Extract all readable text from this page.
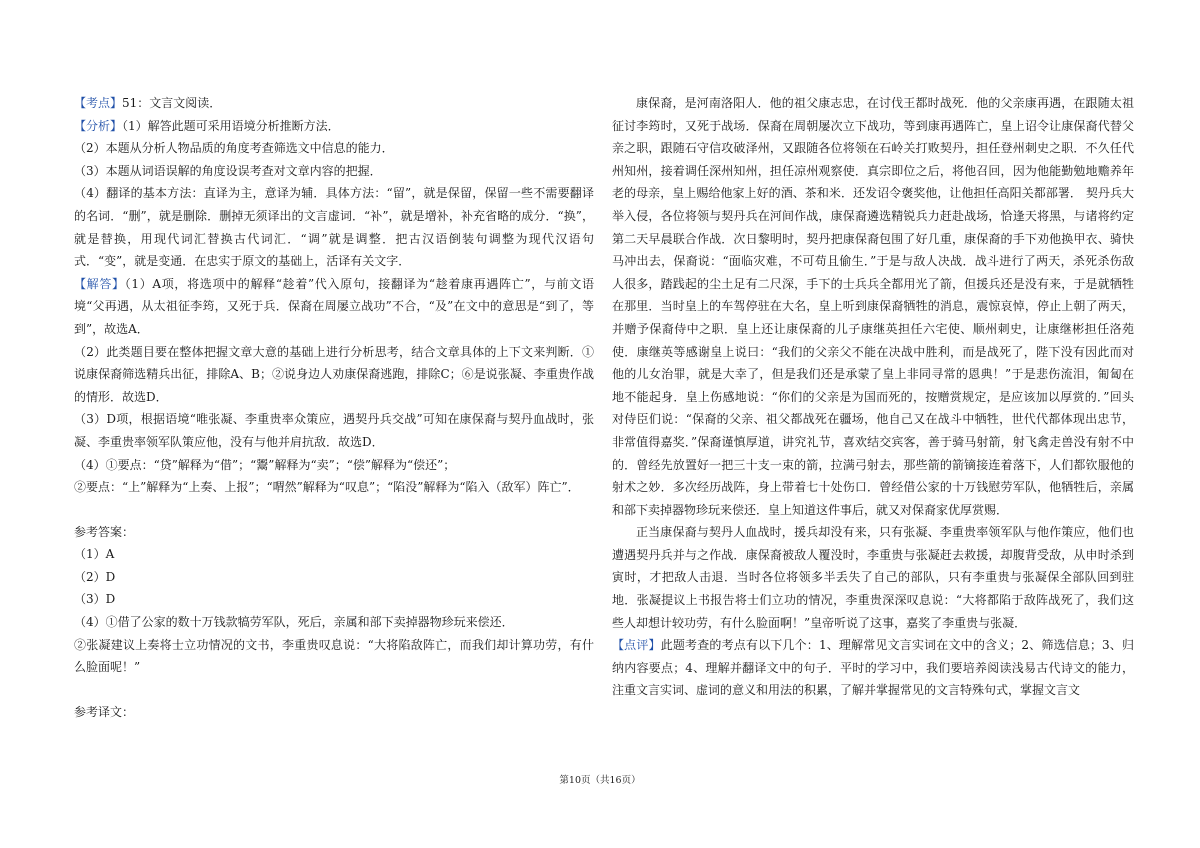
【考点】51：文言文阅读．

【分析】（1）解答此题可采用语境分析推断方法．

（2）本题从分析人物品质的角度考查筛选文中信息的能力．

（3）本题从词语误解的角度设误考查对文章内容的把握．

（4）翻译的基本方法：直译为主，意译为辅．具体方法：“留”，就是保留，保留一些不需要翻译的名词．“删”，就是删除．删掉无须译出的文言虚词．“补”，就是增补，补充省略的成分．“换”，就是替换，用现代词汇替换古代词汇．“调”就是调整．把古汉语倒装句调整为现代汉语句式．“变”，就是变通．在忠实于原文的基础上，活译有关文字．

【解答】（1）A项，将选项中的解释“趁着”代入原句，接翻译为“趁着康再遇阵亡”，与前文语境“父再遇，从太祖征李筠，又死于兵．保裔在周屡立战功”不合，“及”在文中的意思是“到了，等到”，故选A．

（2）此类题目要在整体把握文章大意的基础上进行分析思考，结合文章具体的上下文来判断．①说康保裔筛选精兵出征，排除A、B；②说身边人劝康保裔逃跑，排除C；⑥是说张凝、李重贵作战的情形．故选D．

（3）D项，根据语境“唯张凝、李重贵率众策应，遇契丹兵交战”可知在康保裔与契丹血战时，张凝、李重贵率领军队策应他，没有与他并肩抗敌．故选D．

（4）①要点：“贷”解释为“借”；“鬻”解释为“卖”；“偿”解释为“偿还”；

②要点：“上”解释为“上奏、上报”；“喟然”解释为“叹息”；“陷没”解释为“陷入（敌军）阵亡”．

参考答案：

（1）A

（2）D

（3）D

（4）①借了公家的数十万钱款犒劳军队，死后，亲属和部下卖掉器物珍玩来偿还．

②张凝建议上奏将士立功情况的文书，李重贵叹息说：“大将陷敌阵亡，而我们却计算功劳，有什么脸面呢！”

参考译文：

康保裔，是河南洛阳人．他的祖父康志忠，在讨伐王都时战死．他的父亲康再遇，在跟随太祖征讨李筠时，又死于战场．保裔在周朝屡次立下战功，等到康再遇阵亡，皇上诏令让康保裔代替父亲之职，跟随石守信攻破泽州，又跟随各位将领在石岭关打败契丹，担任登州刺史之职．不久任代州知州，接着调任深州知州，担任凉州观察使．真宗即位之后，将他召回，因为他能勤勉地赡养年老的母亲，皇上赐给他家上好的酒、茶和米．还发诏令褒奖他，让他担任高阳关都部署． 契丹兵大举入侵，各位将领与契丹兵在河间作战，康保裔遴选精锐兵力赶赴战场，恰逢天将黑，与诸将约定第二天早晨联合作战．次日黎明时，契丹把康保裔包围了好几重，康保裔的手下劝他换甲衣、骑快马冲出去，保裔说：“面临灾难，不可苟且偷生．”于是与敌人决战．战斗进行了两天，杀死杀伤敌人很多，踏践起的尘土足有二尺深，手下的士兵兵全都用光了箭，但援兵还是没有来，于是就牺牲在那里．当时皇上的车驾停驻在大名，皇上听到康保裔牺牲的消息，震惊哀悼，停止上朝了两天，并赠予保裔侍中之职．皇上还让康保裔的儿子康继英担任六宅使、顺州刺史，让康继彬担任洛苑使．康继英等感谢皇上说曰：“我们的父亲父不能在决战中胜利，而是战死了，陛下没有因此而对他的儿女治罪，就是大幸了，但是我们还是承蒙了皇上非同寻常的恩典！”于是悲伤流泪，匍匐在地不能起身．皇上伤感地说：“你们的父亲是为国而死的，按赠赏规定，是应该加以厚赏的．”回头对侍臣们说：“保裔的父亲、祖父都战死在疆场，他自己又在战斗中牺牲，世代代都体现出忠节，非常值得嘉奖．”保裔谨慎厚道，讲究礼节，喜欢结交宾客，善于骑马射箭，射飞禽走兽没有射不中的．曾经先放置好一把三十支一束的箭，拉满弓射去，那些箭的箭镝接连着落下，人们都钦服他的射术之妙．多次经历战阵，身上带着七十处伤口．曾经借公家的十万钱慰劳军队，他牺牲后，亲属和部下卖掉器物珍玩来偿还．皇上知道这件事后，就又对保裔家优厚赏赐．

正当康保裔与契丹人血战时，援兵却没有来，只有张凝、李重贵率领军队与他作策应，他们也遭遇契丹兵并与之作战．康保裔被敌人覆没时，李重贵与张凝赶去救援，却腹背受敌，从申时杀到寅时，才把敌人击退．当时各位将领多半丢失了自己的部队，只有李重贵与张凝保全部队回到驻地．张凝提议上书报告将士们立功的情况，李重贵深深叹息说：“大将都陷于敌阵战死了，我们这些人却想计较功劳，有什么脸面啊！”皇帝听说了这事，嘉奖了李重贵与张凝．

【点评】此题考查的考点有以下几个：1、理解常见文言实词在文中的含义；2、筛选信息；3、归纳内容要点；4、理解并翻译文中的句子．平时的学习中，我们要培养阅读浅易古代诗文的能力，注重文言实词、虚词的意义和用法的积累，了解并掌握常见的文言特殊句式，掌握文言文

第10页（共16页）
